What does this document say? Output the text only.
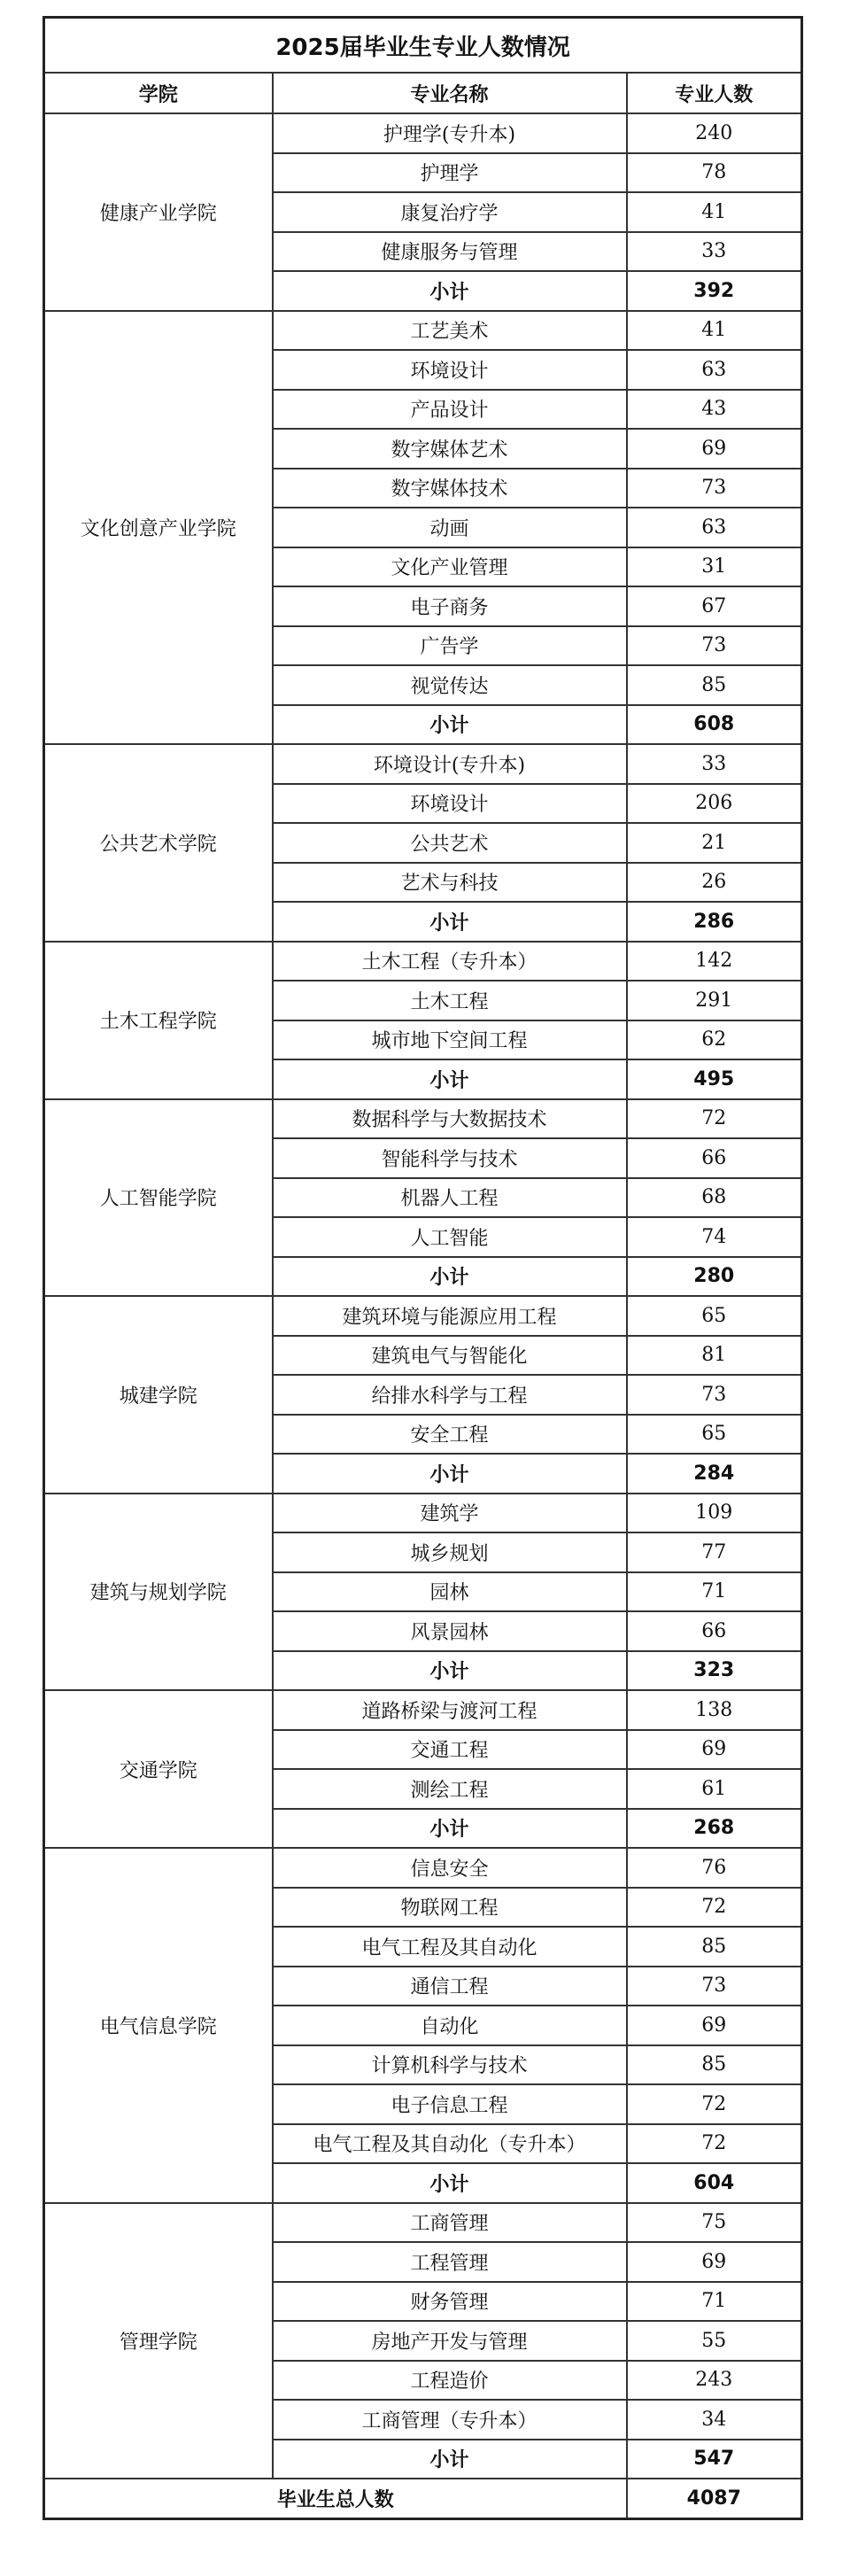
2025届毕业生专业人数情况		
学院	专业名称	专业人数
健康产业学院	护理学(专升本)	240
	护理学	78
	康复治疗学	41
	健康服务与管理	33
	小计	392
文化创意产业学院	工艺美术	41
	环境设计	63
	产品设计	43
	数字媒体艺术	69
	数字媒体技术	73
	动画	63
	文化产业管理	31
	电子商务	67
	广告学	73
	视觉传达	85
	小计	608
公共艺术学院	环境设计(专升本)	33
	环境设计	206
	公共艺术	21
	艺术与科技	26
	小计	286
土木工程学院	土木工程（专升本）	142
	土木工程	291
	城市地下空间工程	62
	小计	495
人工智能学院	数据科学与大数据技术	72
	智能科学与技术	66
	机器人工程	68
	人工智能	74
	小计	280
城建学院	建筑环境与能源应用工程	65
	建筑电气与智能化	81
	给排水科学与工程	73
	安全工程	65
	小计	284
建筑与规划学院	建筑学	109
	城乡规划	77
	园林	71
	风景园林	66
	小计	323
交通学院	道路桥梁与渡河工程	138
	交通工程	69
	测绘工程	61
	小计	268
电气信息学院	信息安全	76
	物联网工程	72
	电气工程及其自动化	85
	通信工程	73
	自动化	69
	计算机科学与技术	85
	电子信息工程	72
	电气工程及其自动化（专升本）	72
	小计	604
管理学院	工商管理	75
	工程管理	69
	财务管理	71
	房地产开发与管理	55
	工程造价	243
	工商管理（专升本）	34
	小计	547
毕业生总人数		4087
